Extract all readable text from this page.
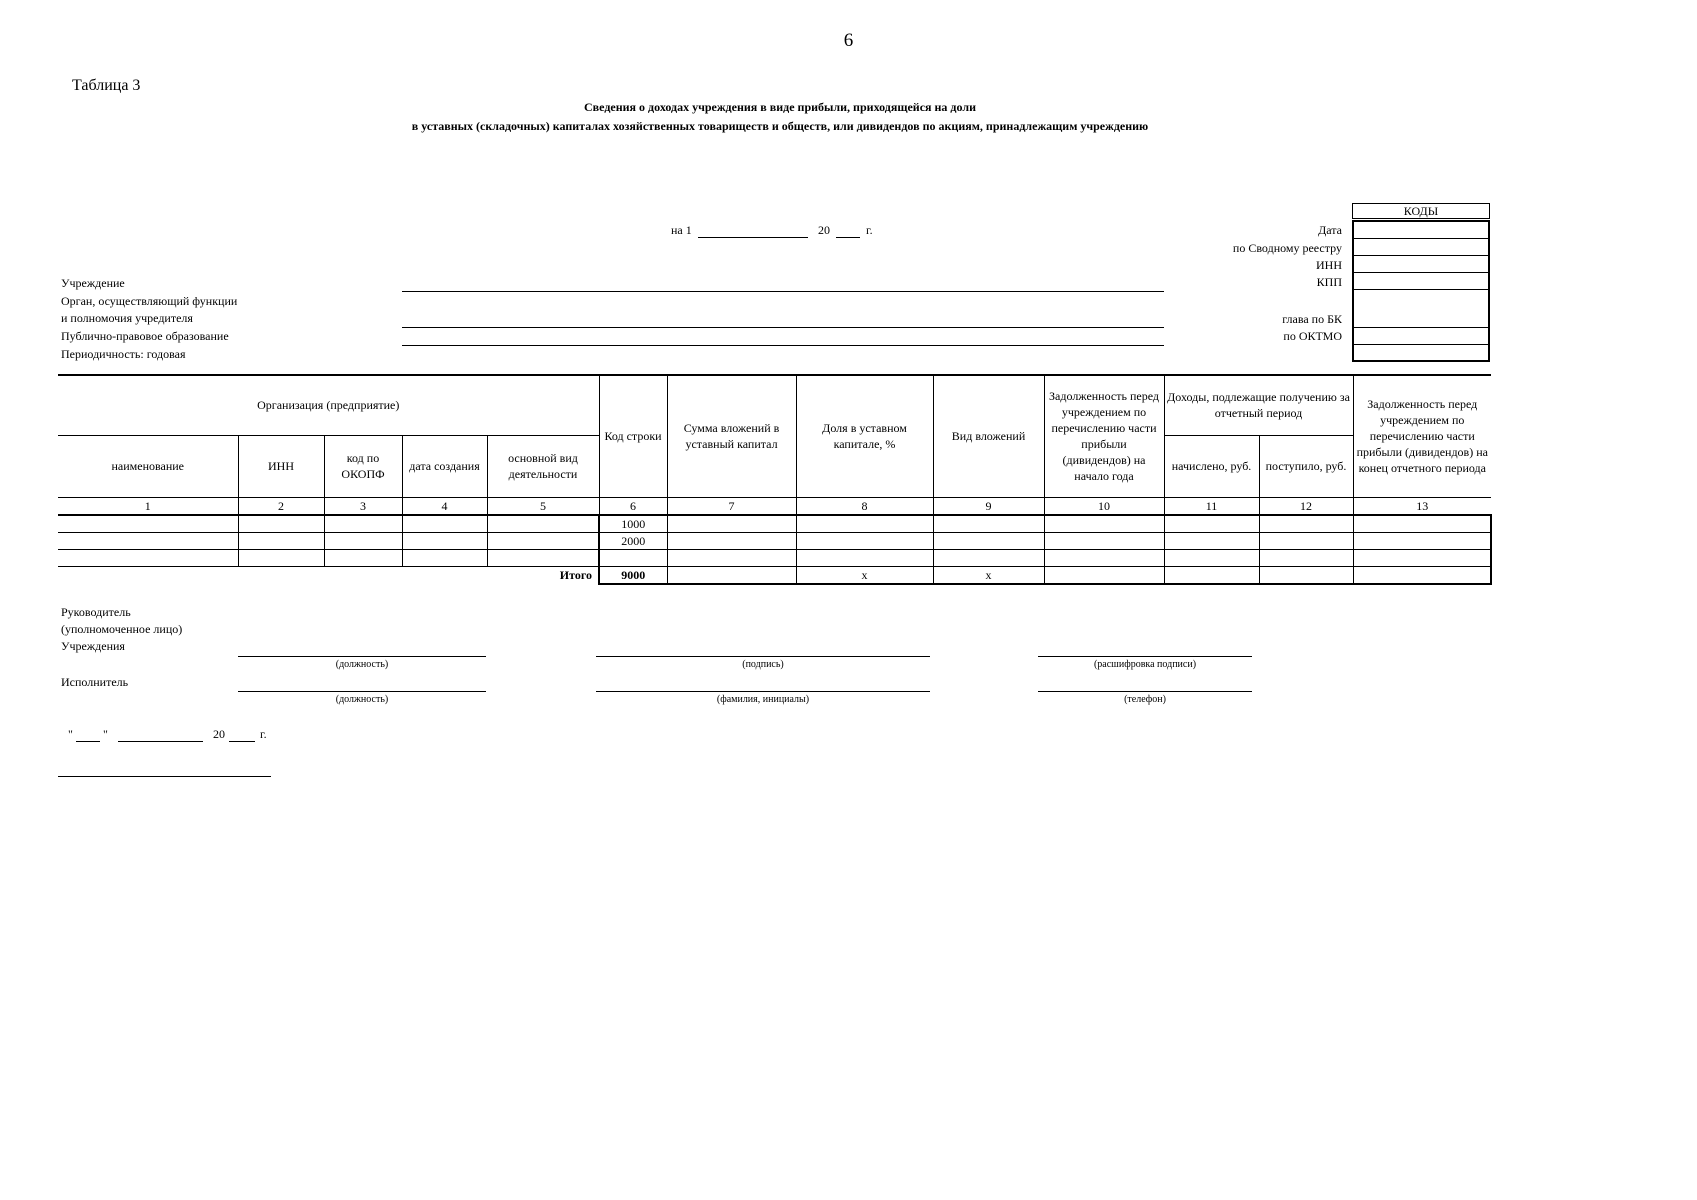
6
Таблица 3
Сведения о доходах учреждения в виде прибыли, приходящейся на доли
в уставных (складочных) капиталах хозяйственных товариществ и обществ, или дивидендов по акциям, принадлежащим учреждению
на 1	20	г.
КОДЫ
Дата
по Сводному реестру
ИНН
КПП
глава по БК
по ОКТМО
Учреждение
Орган, осуществляющий функции
и полномочия учредителя
Публично-правовое образование
Периодичность: годовая
Организация (предприятие)					Код строки	Сумма вложений в уставный капитал	Доля в уставном капитале, %	Вид вложений	Задолженность перед учреждением по перечислению части прибыли (дивидендов) на начало года	Доходы, подлежащие получению за отчетный период		Задолженность перед учреждением по перечислению части прибыли (дивидендов) на конец отчетного периода
наименование	ИНН	код по ОКОПФ	дата создания	основной вид деятельности						начислено, руб.	поступило, руб.	
1	2	3	4	5	6	7	8	9	10	11	12	13
					1000							
					2000							

Итого					9000		x	x				
Руководитель
(уполномоченное лицо)
Учреждения
(должность)	(подпись)	(расшифровка подписи)
Исполнитель
(должность)	(фамилия, инициалы)	(телефон)
"	"	20	г.
